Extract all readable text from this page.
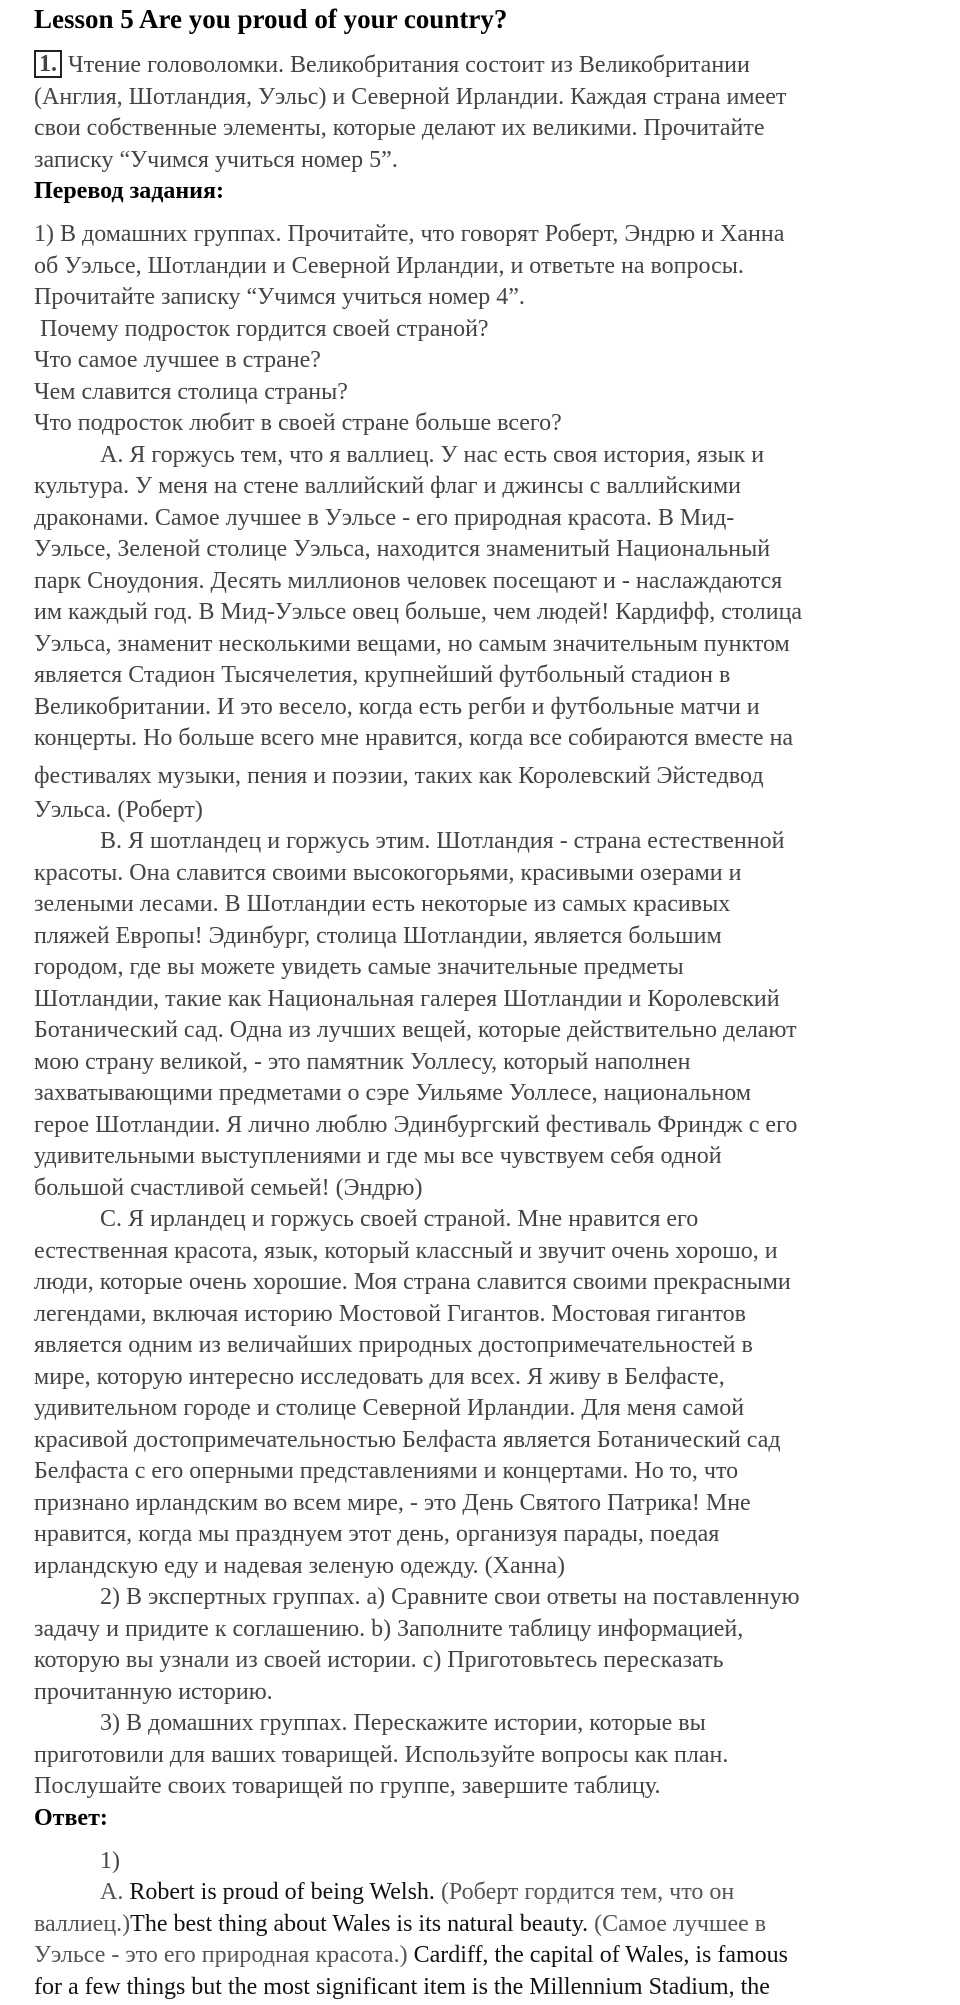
Lesson 5 Are you proud of your country?
1. Чтение головоломки. Великобритания состоит из Великобритании
(Англия, Шотландия, Уэльс) и Северной Ирландии. Каждая страна имеет
свои собственные элементы, которые делают их великими. Прочитайте
записку “Учимся учиться номер 5”.
Перевод задания:
1) В домашних группах. Прочитайте, что говорят Роберт, Эндрю и Ханна
об Уэльсе, Шотландии и Северной Ирландии, и ответьте на вопросы.
Прочитайте записку “Учимся учиться номер 4”.
Почему подросток гордится своей страной?
Что самое лучшее в стране?
Чем славится столица страны?
Что подросток любит в своей стране больше всего?
A. Я горжусь тем, что я валлиец. У нас есть своя история, язык и
культура. У меня на стене валлийский флаг и джинсы с валлийскими
драконами. Самое лучшее в Уэльсе - его природная красота. В Мид-
Уэльсе, Зеленой столице Уэльса, находится знаменитый Национальный
парк Сноудония. Десять миллионов человек посещают и - наслаждаются
им каждый год. В Мид-Уэльсе овец больше, чем людей! Кардифф, столица
Уэльса, знаменит несколькими вещами, но самым значительным пунктом
является Стадион Тысячелетия, крупнейший футбольный стадион в
Великобритании. И это весело, когда есть регби и футбольные матчи и
концерты. Но больше всего мне нравится, когда все собираются вместе на
фестивалях музыки, пения и поэзии, таких как Королевский Эйстедвод
Уэльса. (Роберт)
B. Я шотландец и горжусь этим. Шотландия - страна естественной
красоты. Она славится своими высокогорьями, красивыми озерами и
зелеными лесами. В Шотландии есть некоторые из самых красивых
пляжей Европы! Эдинбург, столица Шотландии, является большим
городом, где вы можете увидеть самые значительные предметы
Шотландии, такие как Национальная галерея Шотландии и Королевский
Ботанический сад. Одна из лучших вещей, которые действительно делают
мою страну великой, - это памятник Уоллесу, который наполнен
захватывающими предметами о сэре Уильяме Уоллесе, национальном
герое Шотландии. Я лично люблю Эдинбургский фестиваль Фриндж с его
удивительными выступлениями и где мы все чувствуем себя одной
большой счастливой семьей! (Эндрю)
C. Я ирландец и горжусь своей страной. Мне нравится его
естественная красота, язык, который классный и звучит очень хорошо, и
люди, которые очень хорошие. Моя страна славится своими прекрасными
легендами, включая историю Мостовой Гигантов. Мостовая гигантов
является одним из величайших природных достопримечательностей в
мире, которую интересно исследовать для всех. Я живу в Белфасте,
удивительном городе и столице Северной Ирландии. Для меня самой
красивой достопримечательностью Белфаста является Ботанический сад
Белфаста с его оперными представлениями и концертами. Но то, что
признано ирландским во всем мире, - это День Святого Патрика! Мне
нравится, когда мы празднуем этот день, организуя парады, поедая
ирландскую еду и надевая зеленую одежду. (Ханна)
2) В экспертных группах. a) Сравните свои ответы на поставленную
задачу и придите к соглашению. b) Заполните таблицу информацией,
которую вы узнали из своей истории. c) Приготовьтесь пересказать
прочитанную историю.
3) В домашних группах. Перескажите истории, которые вы
приготовили для ваших товарищей. Используйте вопросы как план.
Послушайте своих товарищей по группе, завершите таблицу.
Ответ:
1)
A. Robert is proud of being Welsh. (Роберт гордится тем, что он
валлиец.)The best thing about Wales is its natural beauty. (Самое лучшее в
Уэльсе - это его природная красота.) Cardiff, the capital of Wales, is famous
for a few things but the most significant item is the Millennium Stadium, the
